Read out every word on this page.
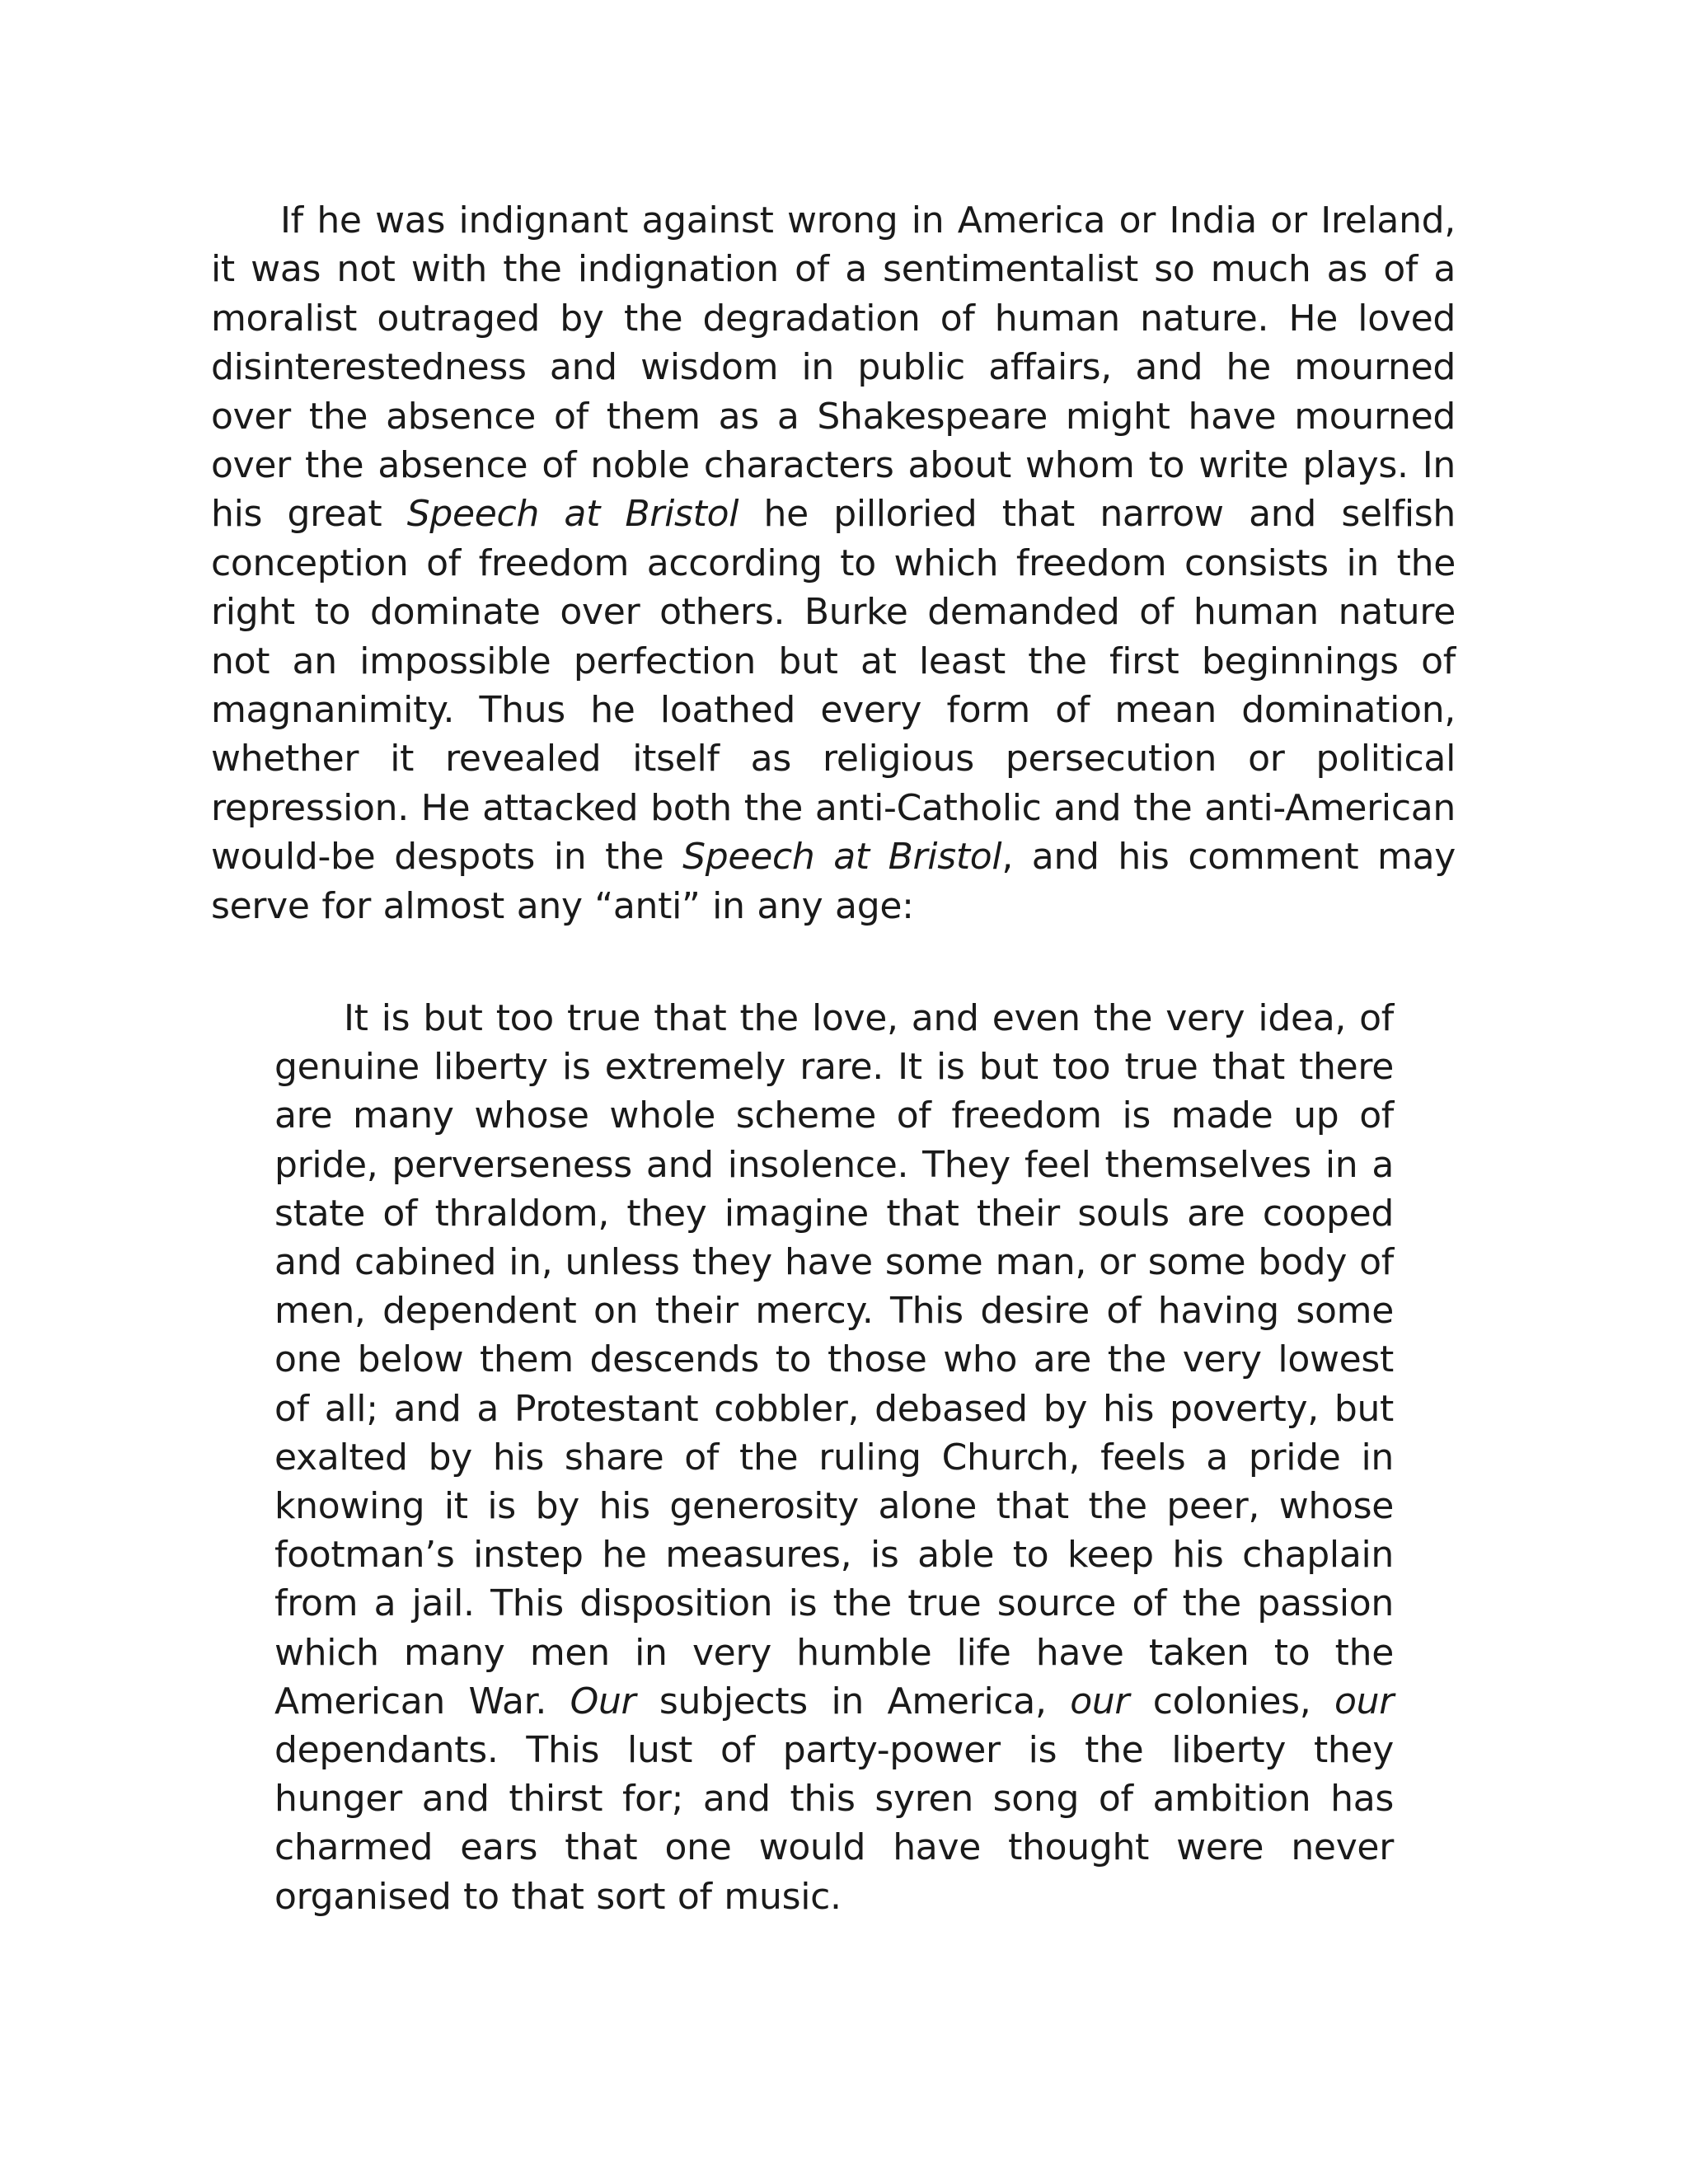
If he was indignant against wrong in America or India or Ireland, it was not with the indignation of a sentimentalist so much as of a moralist outraged by the degradation of human nature. He loved disinterestedness and wisdom in public affairs, and he mourned over the absence of them as a Shakespeare might have mourned over the absence of noble characters about whom to write plays. In his great Speech at Bristol he pilloried that narrow and selfish conception of freedom according to which freedom consists in the right to dominate over others. Burke demanded of human nature not an impossible perfection but at least the first beginnings of magnanimity. Thus he loathed every form of mean domination, whether it revealed itself as religious persecution or political repression. He attacked both the anti-Catholic and the anti-American would-be despots in the Speech at Bristol, and his comment may serve for almost any “anti” in any age:

It is but too true that the love, and even the very idea, of genuine liberty is extremely rare. It is but too true that there are many whose whole scheme of freedom is made up of pride, perverseness and insolence. They feel themselves in a state of thraldom, they imagine that their souls are cooped and cabined in, unless they have some man, or some body of men, dependent on their mercy. This desire of having some one below them descends to those who are the very lowest of all; and a Protestant cobbler, debased by his poverty, but exalted by his share of the ruling Church, feels a pride in knowing it is by his generosity alone that the peer, whose footman’s instep he measures, is able to keep his chaplain from a jail. This disposition is the true source of the passion which many men in very humble life have taken to the American War. Our subjects in America, our colonies, our dependants. This lust of party-power is the liberty they hunger and thirst for; and this syren song of ambition has charmed ears that one would have thought were never organised to that sort of music.
